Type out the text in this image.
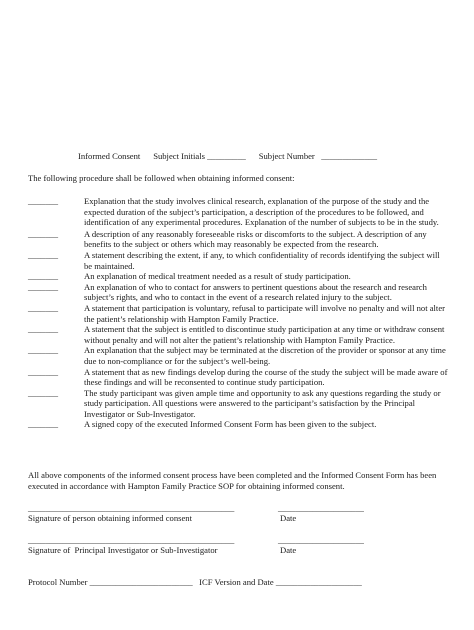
Informed Consent Subject Initials _________ Subject Number   _____________
The following procedure shall be followed when obtaining informed consent:
_______	Explanation that the study involves clinical research, explanation of the purpose of the study and the expected duration of the subject’s participation, a description of the procedures to be followed, and identification of any experimental procedures. Explanation of the number of subjects to be in the study.
_______	A description of any reasonably foreseeable risks or discomforts to the subject. A description of any benefits to the subject or others which may reasonably be expected from the research.
_______	A statement describing the extent, if any, to which confidentiality of records identifying the subject will be maintained.
_______	An explanation of medical treatment needed as a result of study participation.
_______	An explanation of who to contact for answers to pertinent questions about the research and research subject’s rights, and who to contact in the event of a research related injury to the subject.
_______	A statement that participation is voluntary, refusal to participate will involve no penalty and will not alter the patient’s relationship with Hampton Family Practice.
_______	A statement that the subject is entitled to discontinue study participation at any time or withdraw consent without penalty and will not alter the patient’s relationship with Hampton Family Practice.
_______	An explanation that the subject may be terminated at the discretion of the provider or sponsor at any time due to non-compliance or for the subject’s well-being.
_______	A statement that as new findings develop during the course of the study the subject will be made aware of these findings and will be reconsented to continue study participation.
_______	The study participant was given ample time and opportunity to ask any questions regarding the study or study participation. All questions were answered to the participant’s satisfaction by the Principal Investigator or Sub-Investigator.
_______	A signed copy of the executed Informed Consent Form has been given to the subject.
All above components of the informed consent process have been completed and the Informed Consent Form has been executed in accordance with Hampton Family Practice SOP for obtaining informed consent.
________________________________________________	____________________
Signature of person obtaining informed consent	Date
________________________________________________	____________________
Signature of  Principal Investigator or Sub-Investigator	Date
Protocol Number ________________________   ICF Version and Date ____________________
